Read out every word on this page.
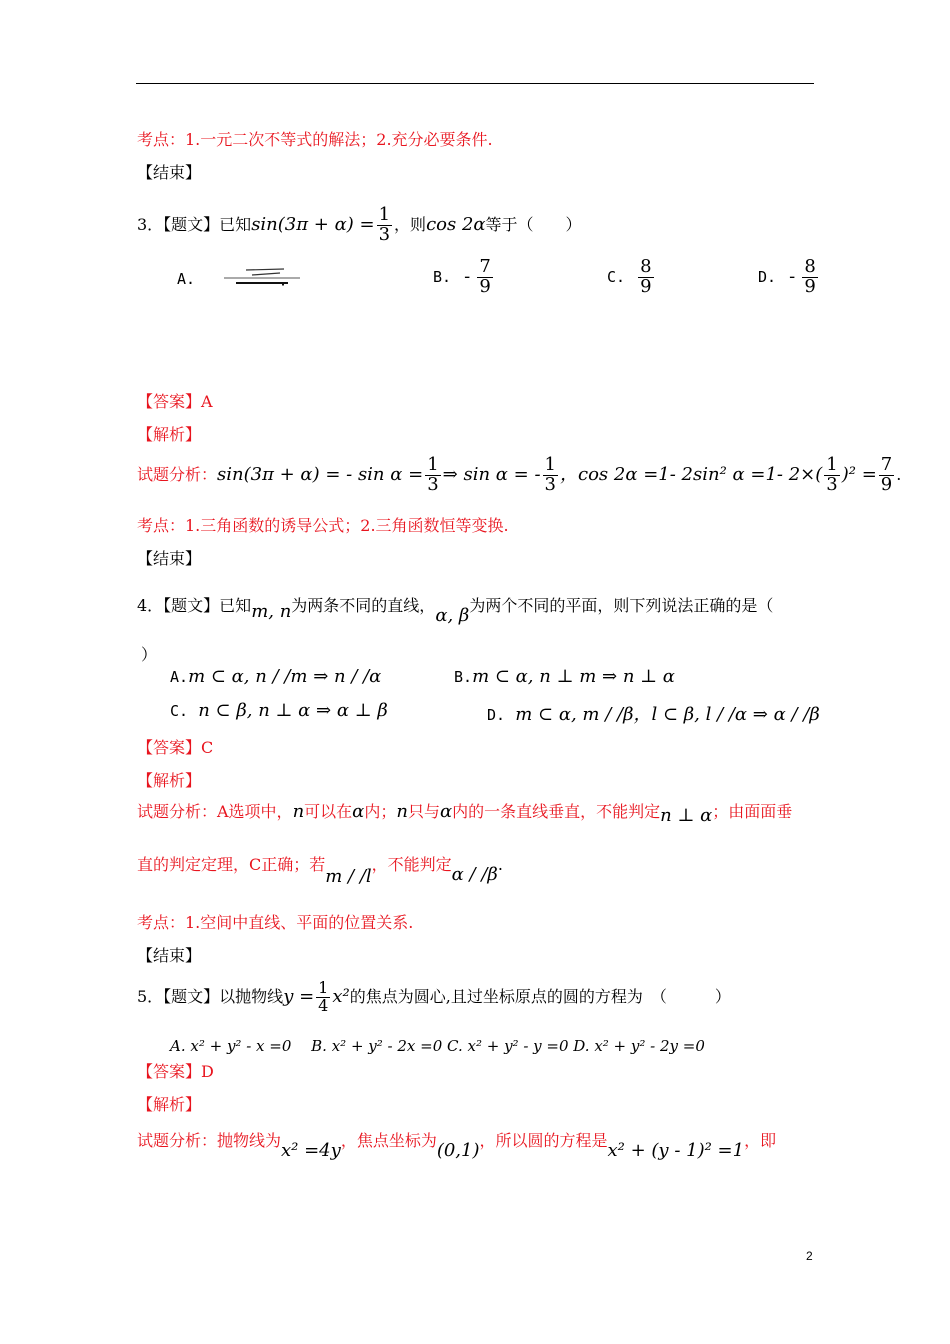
考点：1.一元二次不等式的解法；2.充分必要条件.
【结束】
3．【题文】已知$\sin(3\pi + \alpha) = \frac{1}{3}$ ，则cos 2α等于（　　）
A.	B. - $\frac{7}{9}$	C. $\frac{8}{9}$	D. - $\frac{8}{9}$
【答案】A
【解析】
试题分析：sin(3π + α) = - $\sin \alpha = \frac{1}{3}$ ⇒ sin α = - $\frac{1}{3}$ ，cos 2α =1- 2sin² α =1- $2\times( \frac{1}{3} )^2 = \frac{7}{9}$ .
考点：1.三角函数的诱导公式；2.三角函数恒等变换.
【结束】
4．【题文】已知m, n为两条不同的直线，α, β为两个不同的平面，则下列说法正确的是（
）
A.m ⊂ α, n / /m ⇒ n / /α	B.m ⊂ α, n ⊥ m ⇒ n ⊥ α
C. n ⊂ β, n ⊥ α ⇒ α ⊥ β	D. m ⊂ α, m / /β，l ⊂ β, l / /α ⇒ α / /β
【答案】C
【解析】
试题分析：A选项中，n可以在α内；n只与α内的一条直线垂直，不能判定n ⊥ α；由面面垂
直的判定定理，C正确；若m / /l，不能判定α / /β.
考点：1.空间中直线、平面的位置关系.
【结束】
5．【题文】以抛物线$y = \frac{1}{4} x^2$的焦点为圆心,且过坐标原点的圆的方程为　（　　　）
A. x² + y² - x =0　 B. x² + y² - 2x =0 C. x² + y² - y =0 D. x² + y² - 2y =0
【答案】D
【解析】
试题分析：抛物线为x² =4y，焦点坐标为(0,1)，所以圆的方程是x² + (y - 1)² =1，即
2
